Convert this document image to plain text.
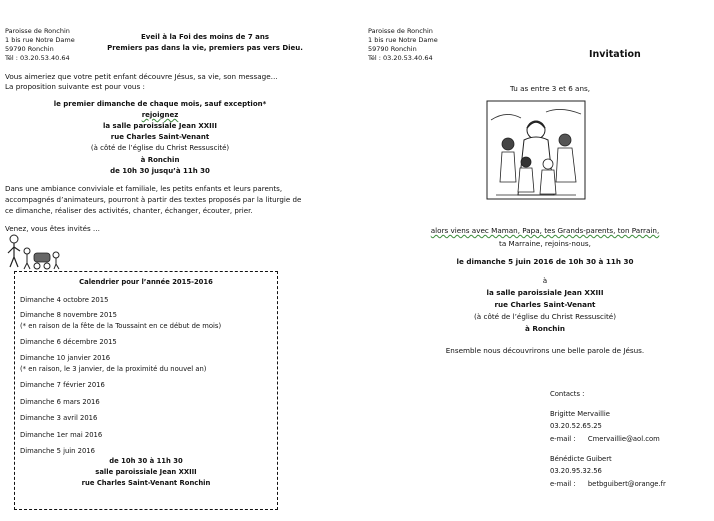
Paroisse de Ronchin
1 bis rue Notre Dame
59790 Ronchin
Tél : 03.20.53.40.64
Eveil à la Foi des moins de 7 ans
Premiers pas dans la vie, premiers pas vers Dieu.
Vous aimeriez que votre petit enfant découvre Jésus, sa vie, son message…
La proposition suivante est pour vous :
le premier dimanche de chaque mois, sauf exception*
rejoignez
la salle paroissiale Jean XXIII
rue Charles Saint-Venant
(à côté de l’église du Christ Ressuscité)
à Ronchin
de 10h 30 jusqu’à 11h 30
Dans une ambiance conviviale et familiale, les petits enfants et leurs parents,
accompagnés d’animateurs, pourront à partir des textes proposés par la liturgie de
ce dimanche, réaliser des activités, chanter, échanger, écouter, prier.
Venez, vous êtes invités …
Calendrier pour l’année 2015-2016
Dimanche 4 octobre 2015
Dimanche 8 novembre 2015
(* en raison de la fête de la Toussaint en ce début de mois)
Dimanche 6 décembre 2015
Dimanche 10 janvier 2016
(* en raison, le 3 janvier, de la proximité du nouvel an)
Dimanche 7 février 2016
Dimanche 6 mars 2016
Dimanche 3 avril 2016
Dimanche 1er mai 2016
Dimanche 5 juin 2016
de 10h 30 à 11h 30
salle paroissiale Jean XXIII
rue Charles Saint-Venant Ronchin
Paroisse de Ronchin
1 bis rue Notre Dame
59790 Ronchin
Tél : 03.20.53.40.64	Invitation
Tu as entre 3 et 6 ans,
alors viens avec Maman, Papa, tes Grands-parents, ton Parrain,
ta Marraine, rejoins-nous,
le dimanche 5 juin 2016 de 10h 30 à 11h 30
à
la salle paroissiale Jean XXIII
rue Charles Saint-Venant
(à côté de l’église du Christ Ressuscité)
à Ronchin
Ensemble nous découvrirons une belle parole de Jésus.
Contacts :
Brigitte Mervaillie
03.20.52.65.25
e-mail : Cmervaillie@aol.com
Bénédicte Guibert
03.20.95.32.56
e-mail : betbguibert@orange.fr
